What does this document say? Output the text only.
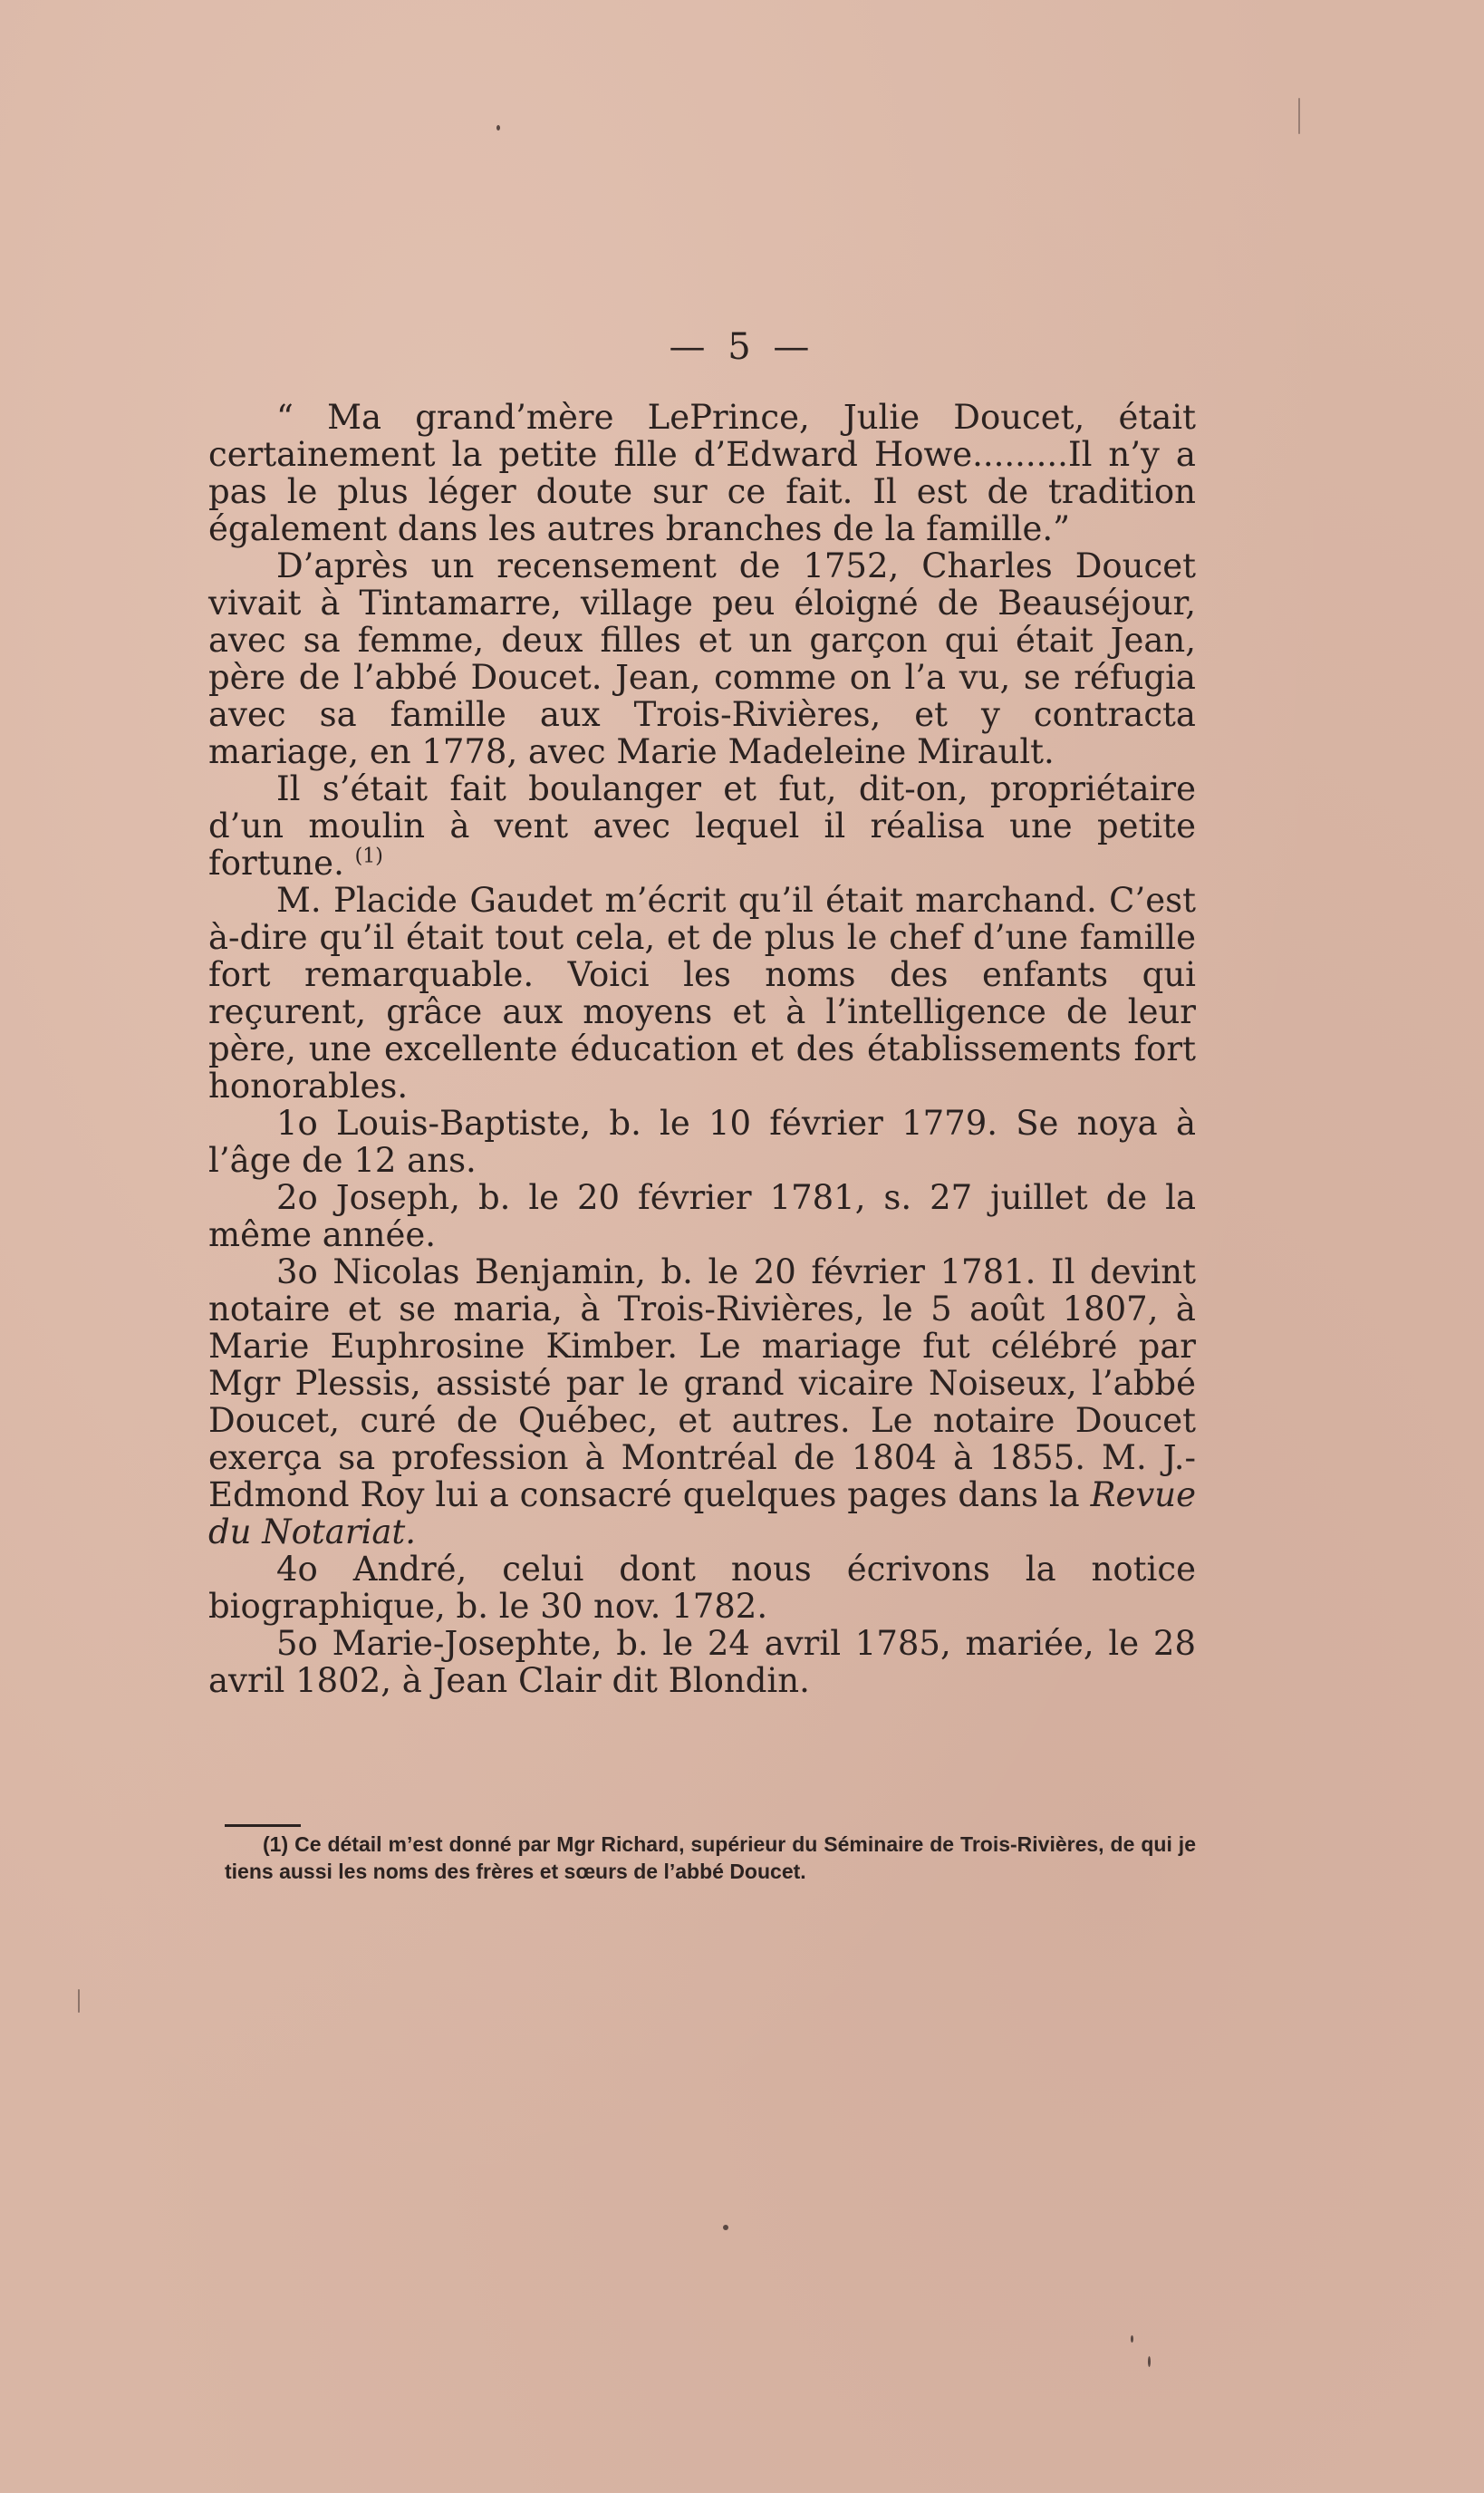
— 5 —

“ Ma grand’mère LePrince, Julie Doucet, était certainement la petite fille d’Edward Howe.........Il n’y a pas le plus léger doute sur ce fait. Il est de tradition également dans les autres branches de la famille.”

D’après un recensement de 1752, Charles Doucet vivait à Tintamarre, village peu éloigné de Beauséjour, avec sa femme, deux filles et un garçon qui était Jean, père de l’abbé Doucet. Jean, comme on l’a vu, se réfugia avec sa famille aux Trois-Rivières, et y contracta mariage, en 1778, avec Marie Madeleine Mirault.

Il s’était fait boulanger et fut, dit-on, propriétaire d’un moulin à vent avec lequel il réalisa une petite fortune. $^{(1)}$

M. Placide Gaudet m’écrit qu’il était marchand. C’est à-dire qu’il était tout cela, et de plus le chef d’une famille fort remarquable. Voici les noms des enfants qui reçurent, grâce aux moyens et à l’intelligence de leur père, une excellente éducation et des établissements fort honorables.

1o Louis-Baptiste, b. le 10 février 1779. Se noya à l’âge de 12 ans.

2o Joseph, b. le 20 février 1781, s. 27 juillet de la même année.

3o Nicolas Benjamin, b. le 20 février 1781. Il devint notaire et se maria, à Trois-Rivières, le 5 août 1807, à Marie Euphrosine Kimber. Le mariage fut célébré par Mgr Plessis, assisté par le grand vicaire Noiseux, l’abbé Doucet, curé de Québec, et autres. Le notaire Doucet exerça sa profession à Montréal de 1804 à 1855. M. J.-Edmond Roy lui a consacré quelques pages dans la Revue du Notariat.

4o André, celui dont nous écrivons la notice biographique, b. le 30 nov. 1782.

5o Marie-Josephte, b. le 24 avril 1785, mariée, le 28 avril 1802, à Jean Clair dit Blondin.

(1) Ce détail m’est donné par Mgr Richard, supérieur du Séminaire de Trois-Rivières, de qui je tiens aussi les noms des frères et sœurs de l’abbé Doucet.
